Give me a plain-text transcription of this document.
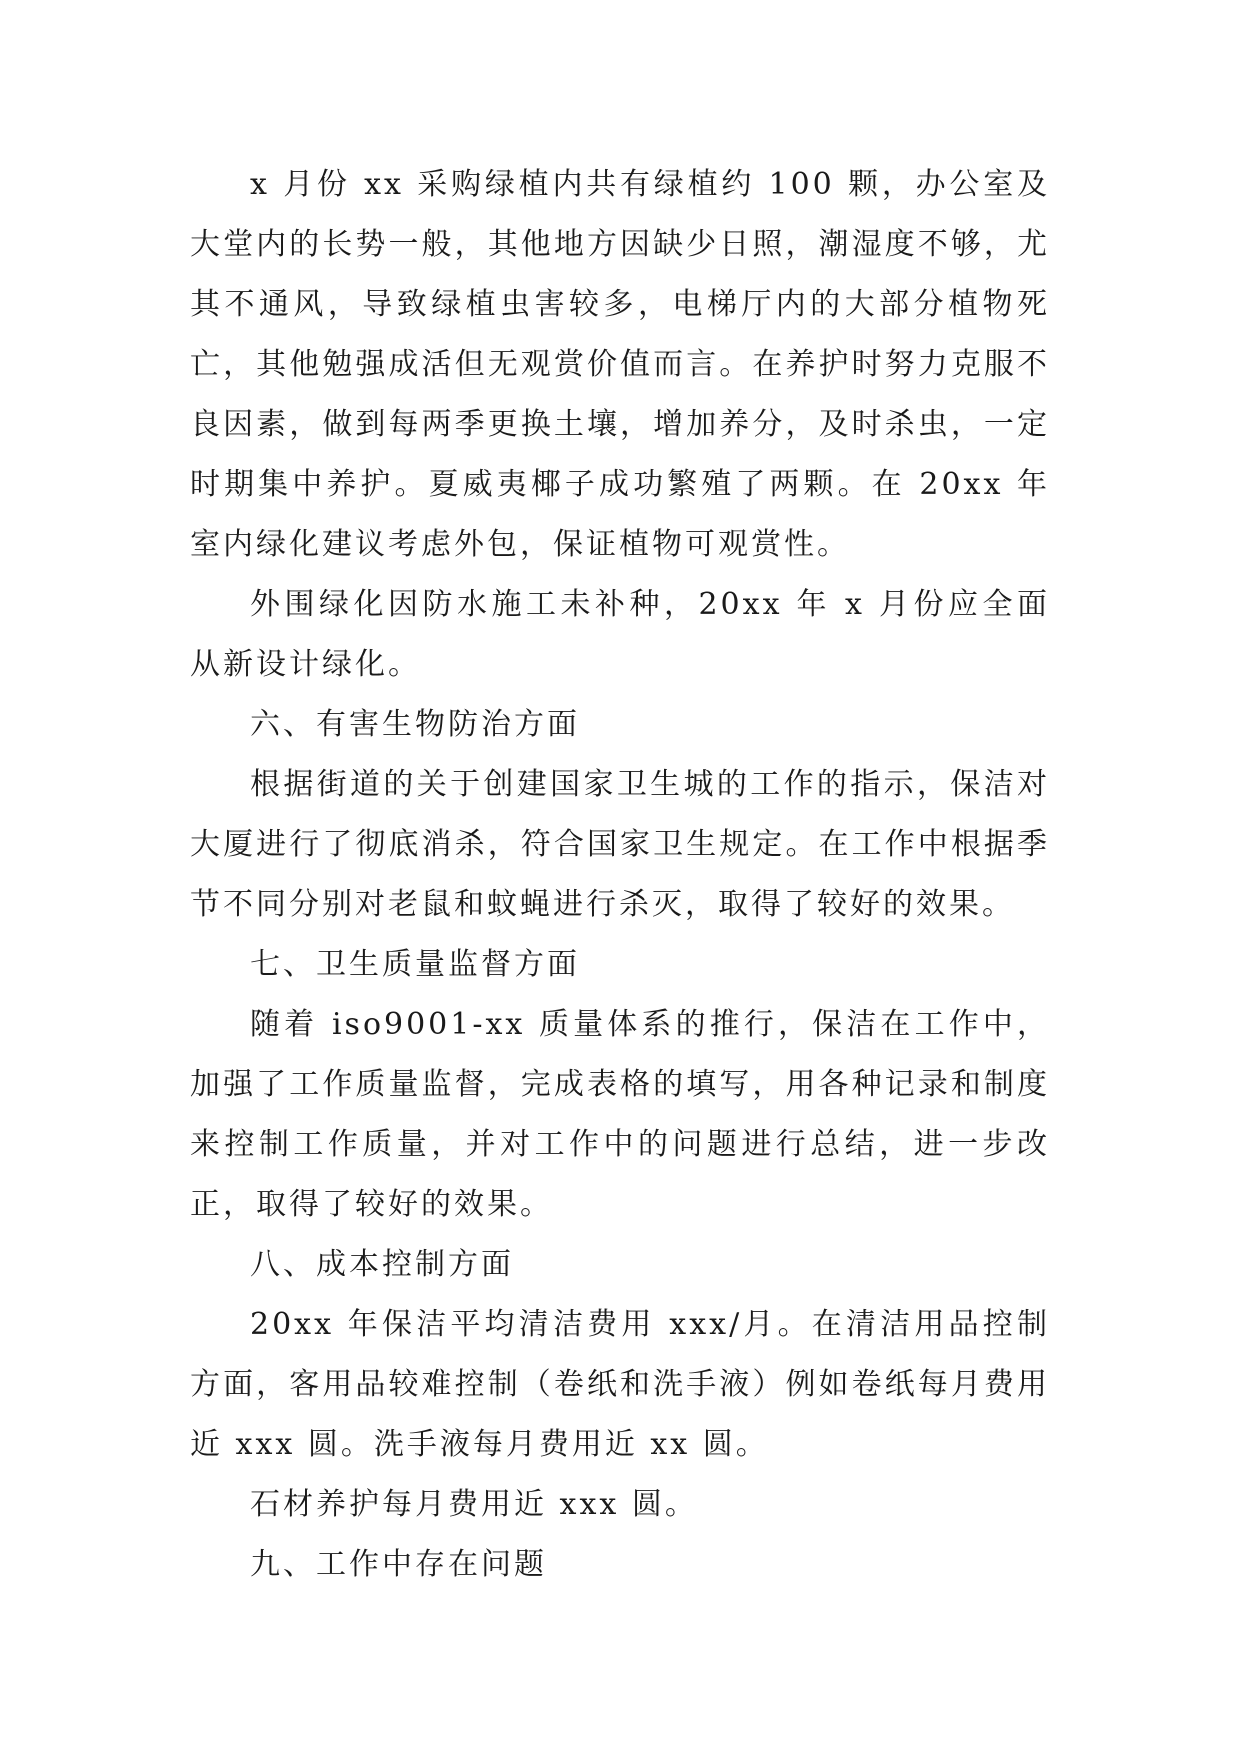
x 月份 xx 采购绿植内共有绿植约 100 颗，办公室及大堂内的长势一般，其他地方因缺少日照，潮湿度不够，尤其不通风，导致绿植虫害较多，电梯厅内的大部分植物死亡，其他勉强成活但无观赏价值而言。在养护时努力克服不良因素，做到每两季更换土壤，增加养分，及时杀虫，一定时期集中养护。夏威夷椰子成功繁殖了两颗。在 20xx 年室内绿化建议考虑外包，保证植物可观赏性。

外围绿化因防水施工未补种，20xx 年 x 月份应全面从新设计绿化。

六、有害生物防治方面

根据街道的关于创建国家卫生城的工作的指示，保洁对大厦进行了彻底消杀，符合国家卫生规定。在工作中根据季节不同分别对老鼠和蚊蝇进行杀灭，取得了较好的效果。

七、卫生质量监督方面

随着 iso9001-xx 质量体系的推行，保洁在工作中，加强了工作质量监督，完成表格的填写，用各种记录和制度来控制工作质量，并对工作中的问题进行总结，进一步改正，取得了较好的效果。

八、成本控制方面

20xx 年保洁平均清洁费用 xxx/月。在清洁用品控制方面，客用品较难控制（卷纸和洗手液）例如卷纸每月费用近 xxx 圆。洗手液每月费用近 xx 圆。

石材养护每月费用近 xxx 圆。

九、工作中存在问题
